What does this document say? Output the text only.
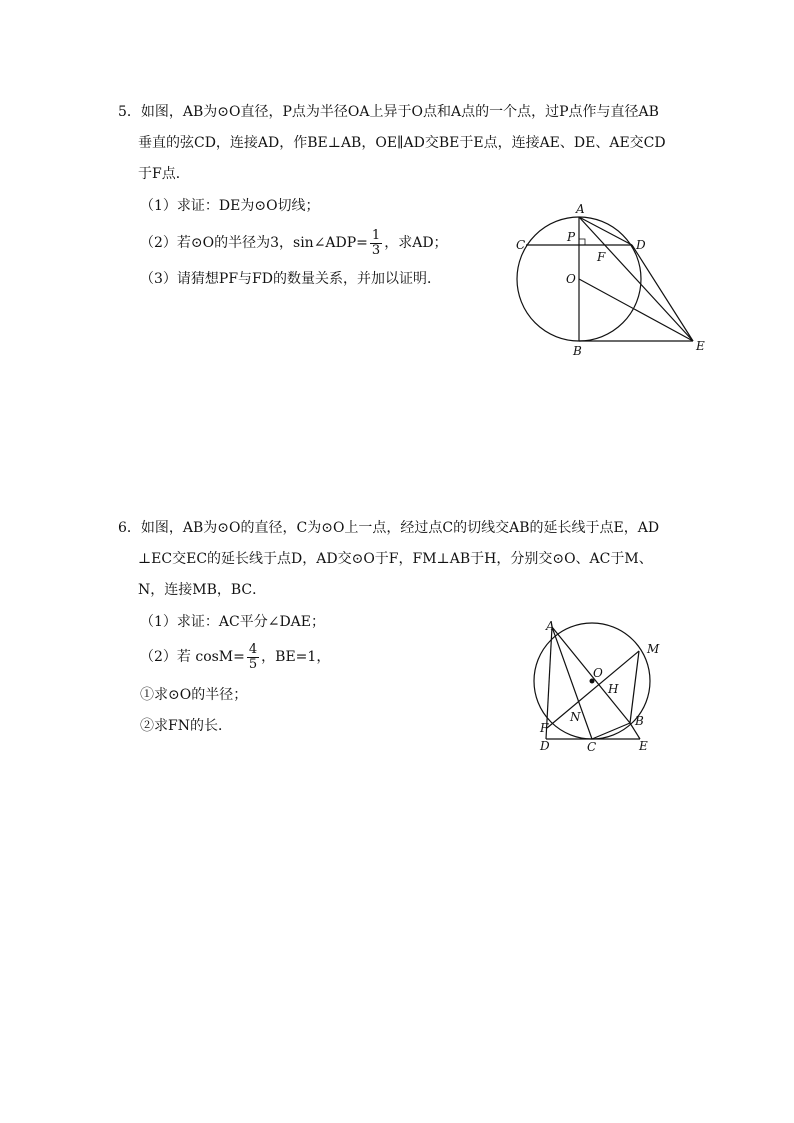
5．如图，AB为⊙O直径，P点为半径OA上异于O点和A点的一个点，过P点作与直径AB
垂直的弦CD，连接AD，作BE⊥AB，OE∥AD交BE于E点，连接AE、DE、AE交CD
于F点．
（1）求证：DE为⊙O切线；
（2）若⊙O的半径为3，sin∠ADP= $\frac{1}{3}$ ，求AD；
（3）请猜想PF与FD的数量关系，并加以证明．
A
P
C	D
F
O
B	E
6．如图，AB为⊙O的直径，C为⊙O上一点，经过点C的切线交AB的延长线于点E，AD
⊥EC交EC的延长线于点D，AD交⊙O于F，FM⊥AB于H，分别交⊙O、AC于M、
N，连接MB，BC．
（1）求证：AC平分∠DAE；
（2）若 $\cos M= \frac{4}{5}$ ，BE=1，
①求⊙O的半径；
②求FN的长．
A
M
O
H
N
F	B
D	C	E
